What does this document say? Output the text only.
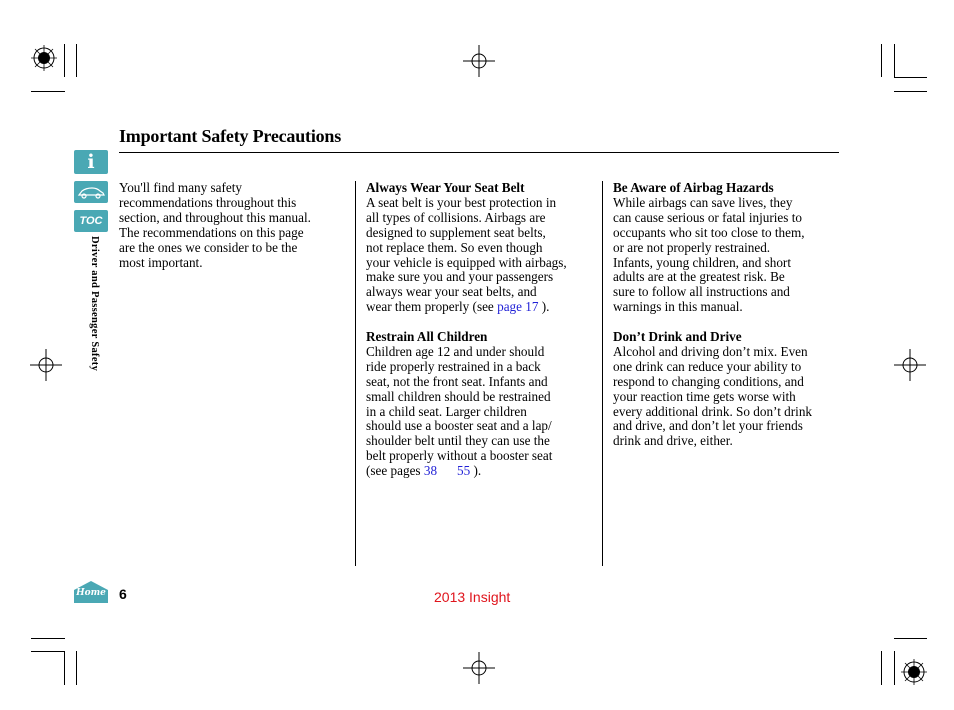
i
TOC
Driver and Passenger Safety
Important Safety Precautions
You'll find many safety
recommendations throughout this
section, and throughout this manual.
The recommendations on this page
are the ones we consider to be the
most important.

Always Wear Your Seat Belt
A seat belt is your best protection in
all types of collisions. Airbags are
designed to supplement seat belts,
not replace them. So even though
your vehicle is equipped with airbags,
make sure you and your passengers
always wear your seat belts, and
wear them properly (see page 17 ).

Restrain All Children
Children age 12 and under should
ride properly restrained in a back
seat, not the front seat. Infants and
small children should be restrained
in a child seat. Larger children
should use a booster seat and a lap/
shoulder belt until they can use the
belt properly without a booster seat
(see pages 38 55 ).

Be Aware of Airbag Hazards
While airbags can save lives, they
can cause serious or fatal injuries to
occupants who sit too close to them,
or are not properly restrained.
Infants, young children, and short
adults are at the greatest risk. Be
sure to follow all instructions and
warnings in this manual.

Don’t Drink and Drive
Alcohol and driving don’t mix. Even
one drink can reduce your ability to
respond to changing conditions, and
your reaction time gets worse with
every additional drink. So don’t drink
and drive, and don’t let your friends
drink and drive, either.

Home 6	2013 Insight
